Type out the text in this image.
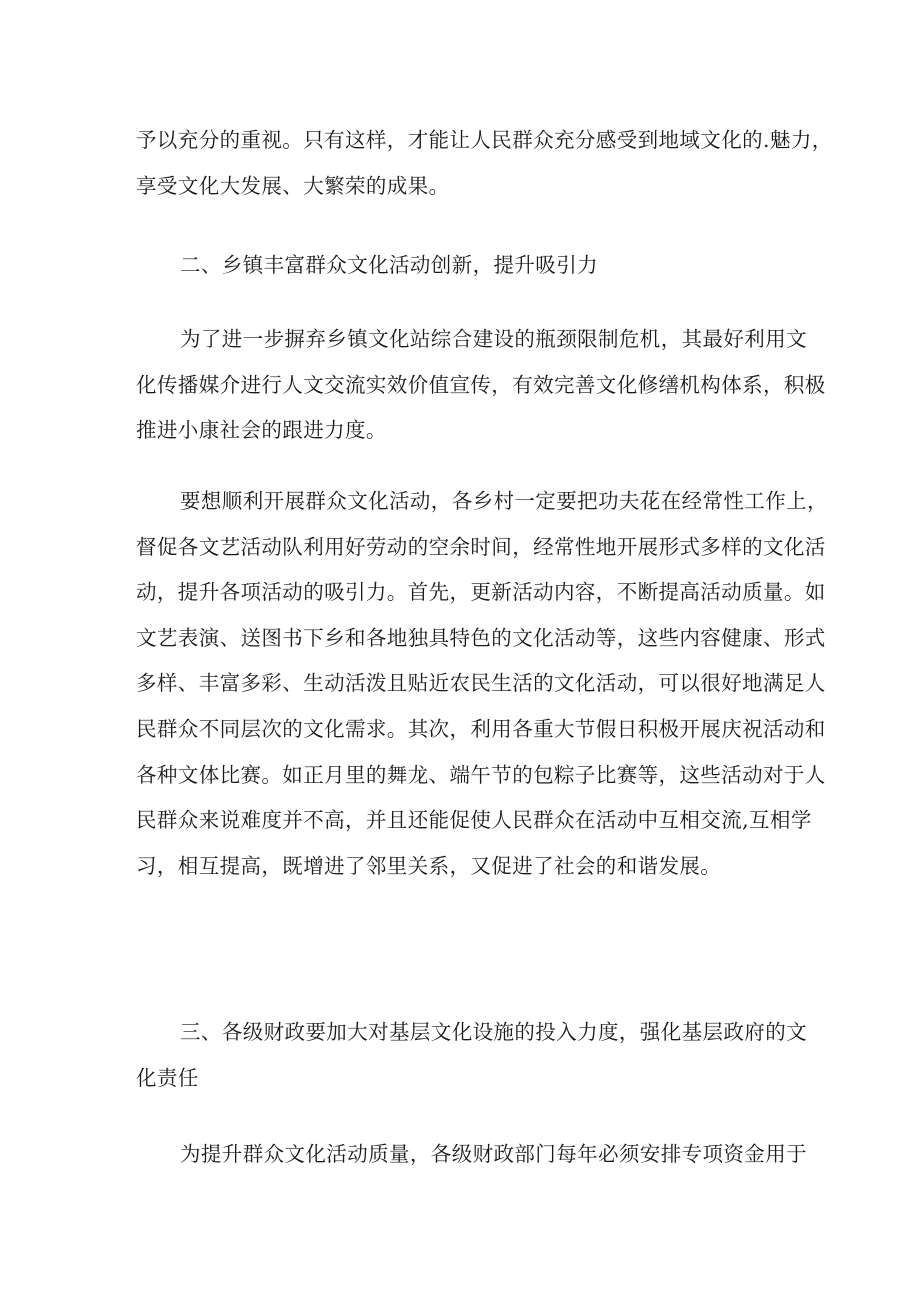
予以充分的重视。只有这样，才能让人民群众充分感受到地域文化的.魅力，
享受文化大发展、大繁荣的成果。

二、乡镇丰富群众文化活动创新，提升吸引力

为了进一步摒弃乡镇文化站综合建设的瓶颈限制危机，其最好利用文
化传播媒介进行人文交流实效价值宣传，有效完善文化修缮机构体系，积极
推进小康社会的跟进力度。

要想顺利开展群众文化活动，各乡村一定要把功夫花在经常性工作上，
督促各文艺活动队利用好劳动的空余时间，经常性地开展形式多样的文化活
动，提升各项活动的吸引力。首先，更新活动内容，不断提高活动质量。如
文艺表演、送图书下乡和各地独具特色的文化活动等，这些内容健康、形式
多样、丰富多彩、生动活泼且贴近农民生活的文化活动，可以很好地满足人
民群众不同层次的文化需求。其次，利用各重大节假日积极开展庆祝活动和
各种文体比赛。如正月里的舞龙、端午节的包粽子比赛等，这些活动对于人
民群众来说难度并不高，并且还能促使人民群众在活动中互相交流,互相学
习，相互提高，既增进了邻里关系，又促进了社会的和谐发展。

三、各级财政要加大对基层文化设施的投入力度，强化基层政府的文
化责任

为提升群众文化活动质量，各级财政部门每年必须安排专项资金用于
